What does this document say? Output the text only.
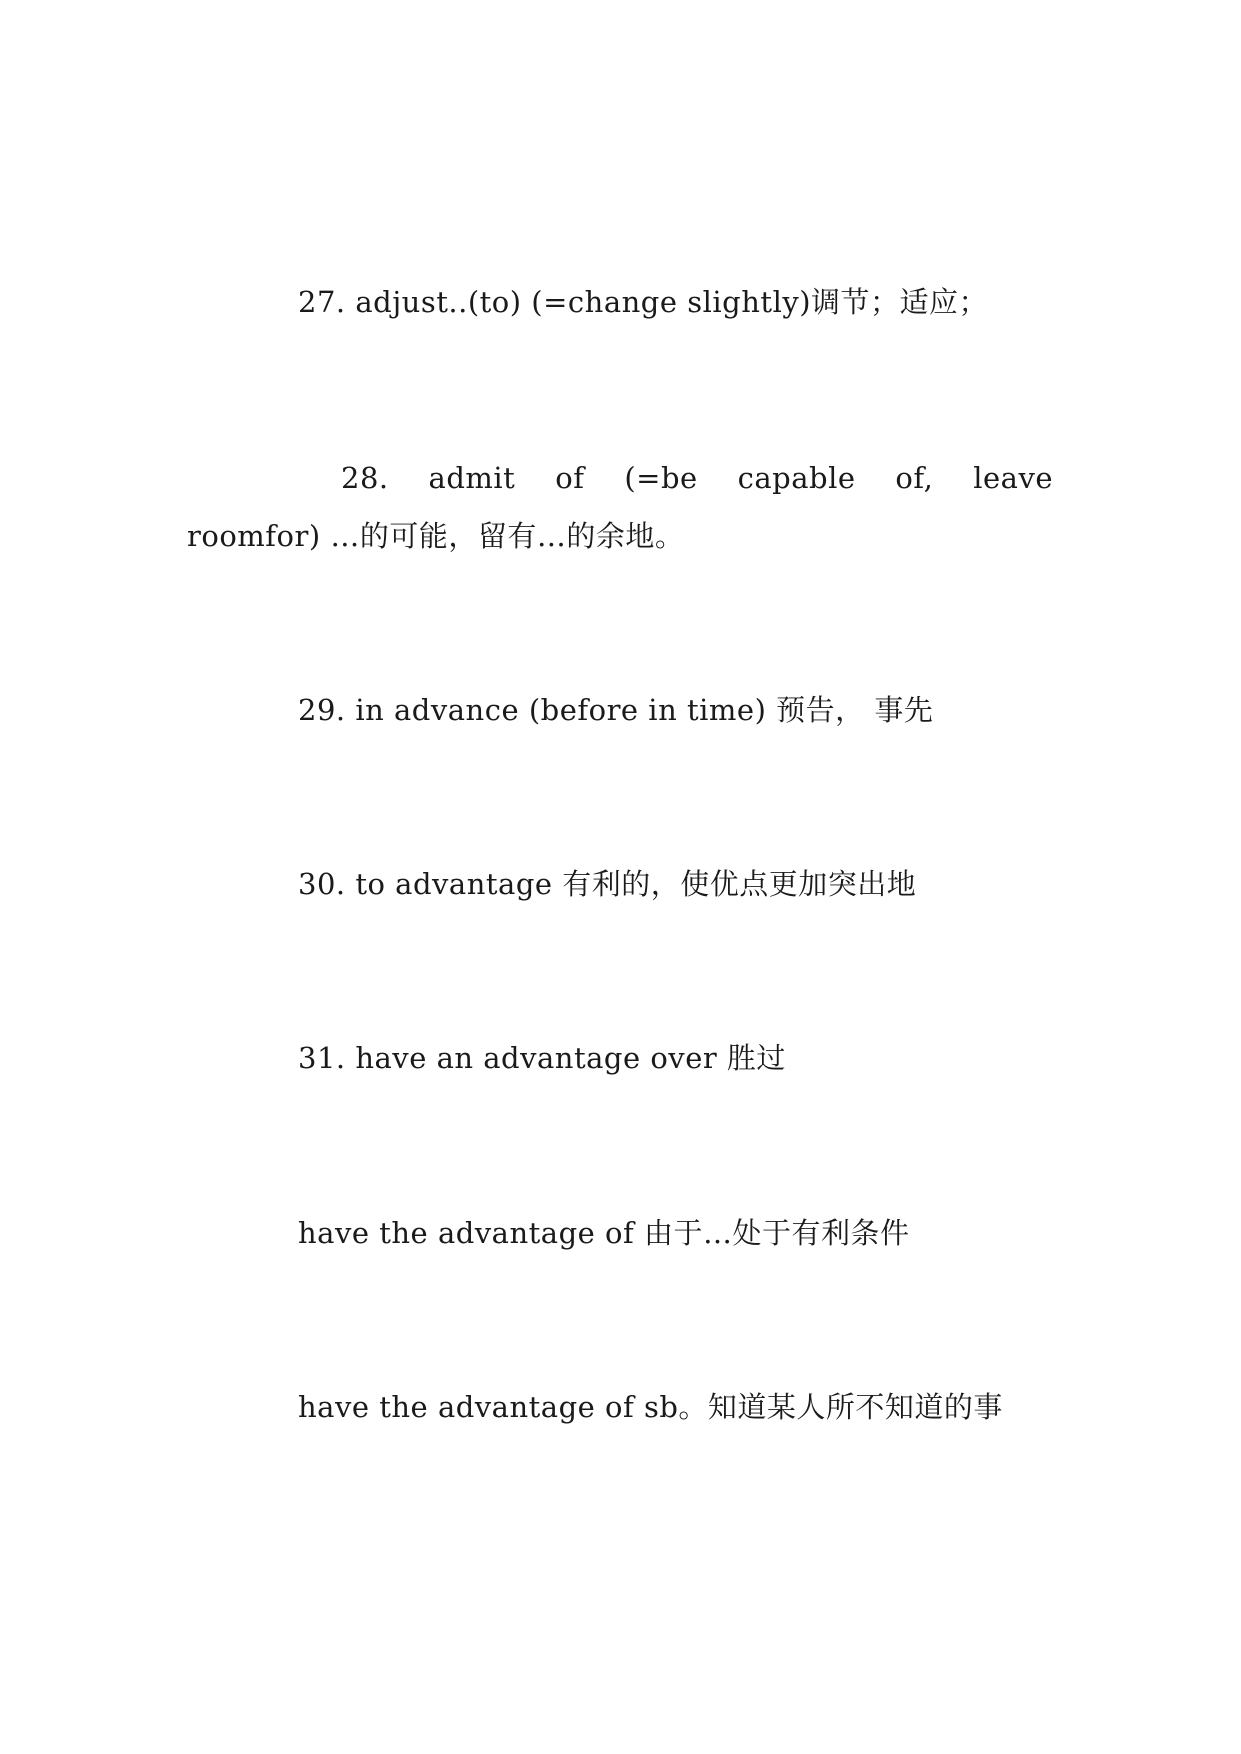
27. adjust..(to) (=change slightly)调节；适应；
28. admit of (=be capable of, leave
roomfor) …的可能，留有…的余地。
29. in advance (before in time) 预告， 事先
30. to advantage 有利的，使优点更加突出地
31. have an advantage over 胜过
have the advantage of 由于…处于有利条件
have the advantage of sb。知道某人所不知道的事
